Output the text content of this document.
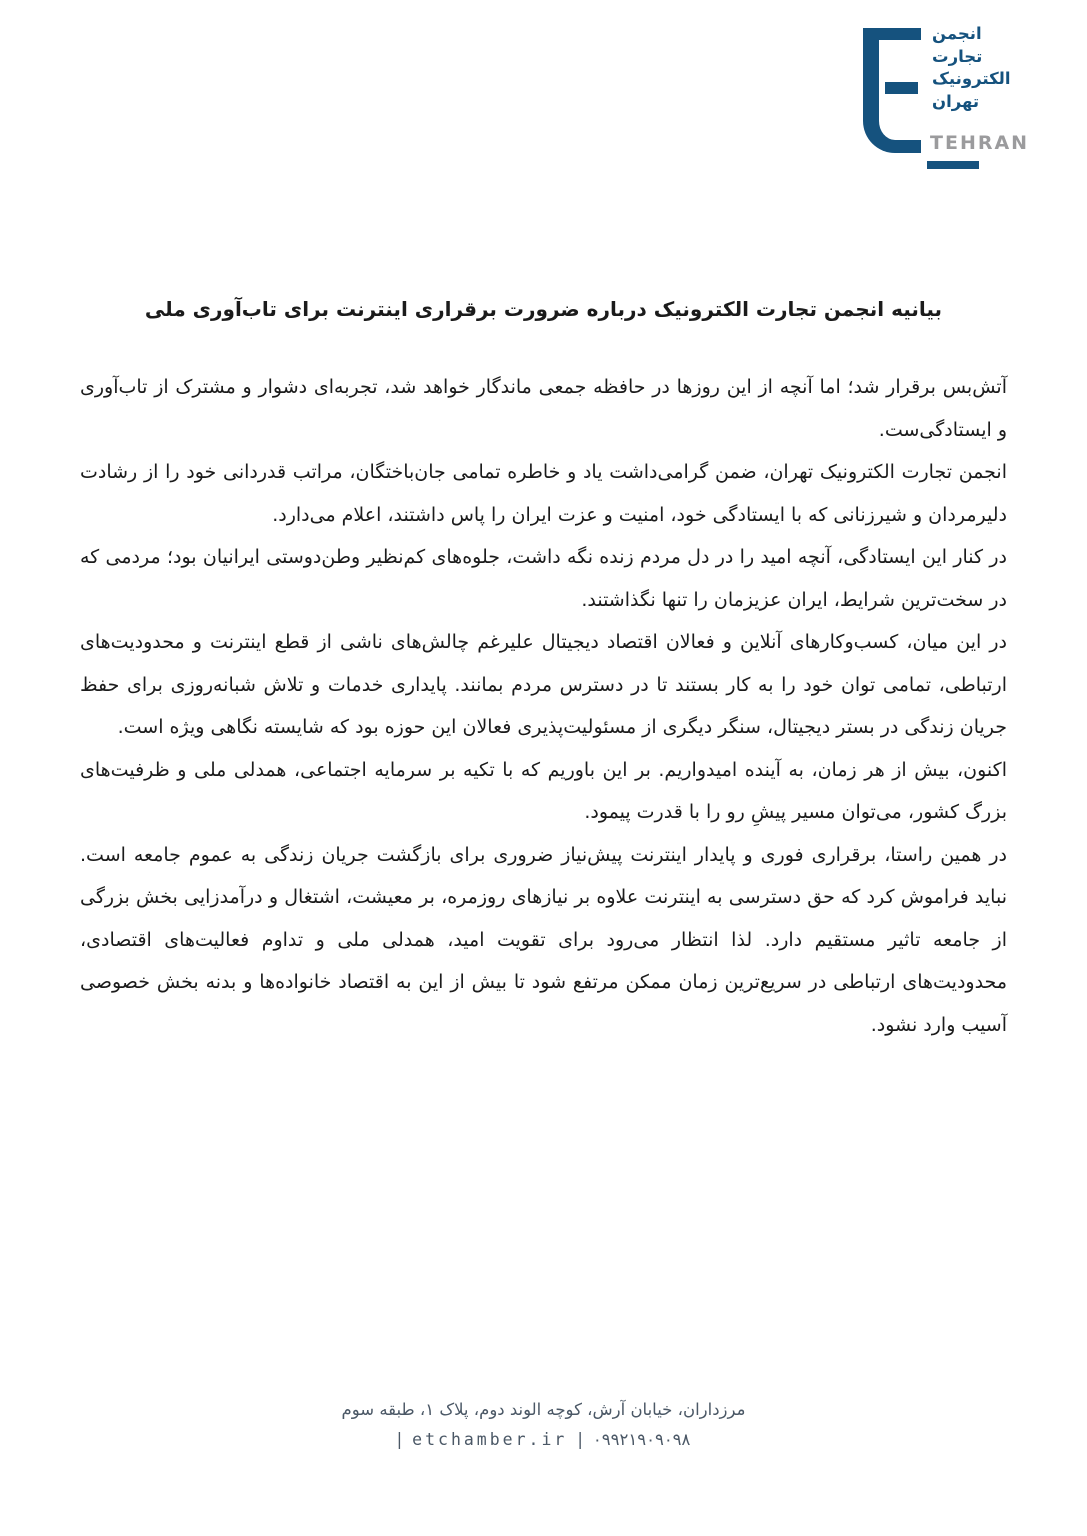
انجمن
تجارت
الکترونیک
تهران
TEHRAN
بیانیه انجمن تجارت الکترونیک درباره ضرورت برقراری اینترنت برای تاب‌آوری ملی

آتش‌بس برقرار شد؛ اما آنچه از این روزها در حافظه جمعی ماندگار خواهد شد، تجربه‌ای دشوار و مشترک از تاب‌آوری و ایستادگی‌ست.

انجمن تجارت الکترونیک تهران، ضمن گرامی‌داشت یاد و خاطره تمامی جان‌باختگان، مراتب قدردانی خود را از رشادت دلیرمردان و شیرزنانی که با ایستادگی خود، امنیت و عزت ایران را پاس داشتند، اعلام می‌دارد.

در کنار این ایستادگی، آنچه امید را در دل مردم زنده نگه داشت، جلوه‌های کم‌نظیر وطن‌دوستی ایرانیان بود؛ مردمی که در سخت‌ترین شرایط، ایران عزیزمان را تنها نگذاشتند.

در این میان، کسب‌وکارهای آنلاین و فعالان اقتصاد دیجیتال علیرغم چالش‌های ناشی از قطع اینترنت و محدودیت‌های ارتباطی، تمامی توان خود را به کار بستند تا در دسترس مردم بمانند. پایداری خدمات و تلاش شبانه‌روزی برای حفظ جریان زندگی در بستر دیجیتال، سنگر دیگری از مسئولیت‌پذیری فعالان این حوزه بود که شایسته نگاهی ویژه است.

اکنون، بیش از هر زمان، به آینده امیدواریم. بر این باوریم که با تکیه بر سرمایه اجتماعی، همدلی ملی و ظرفیت‌های بزرگ کشور، می‌توان مسیر پیشِ رو را با قدرت پیمود.

در همین راستا، برقراری فوری و پایدار اینترنت پیش‌نیاز ضروری برای بازگشت جریان زندگی به عموم جامعه است. نباید فراموش کرد که حق دسترسی به اینترنت علاوه بر نیازهای روزمره، بر معیشت، اشتغال و درآمدزایی بخش بزرگی از جامعه تاثیر مستقیم دارد. لذا انتظار می‌رود برای تقویت امید، همدلی ملی و تداوم فعالیت‌های اقتصادی، محدودیت‌های ارتباطی در سریع‌ترین زمان ممکن مرتفع شود تا بیش از این به اقتصاد خانواده‌ها و بدنه بخش خصوصی آسیب وارد نشود.

مرزداران، خیابان آرش، کوچه الوند دوم، پلاک ۱، طبقه سوم
| etchamber.ir | ۰۹۹۲۱۹۰۹۰۹۸
